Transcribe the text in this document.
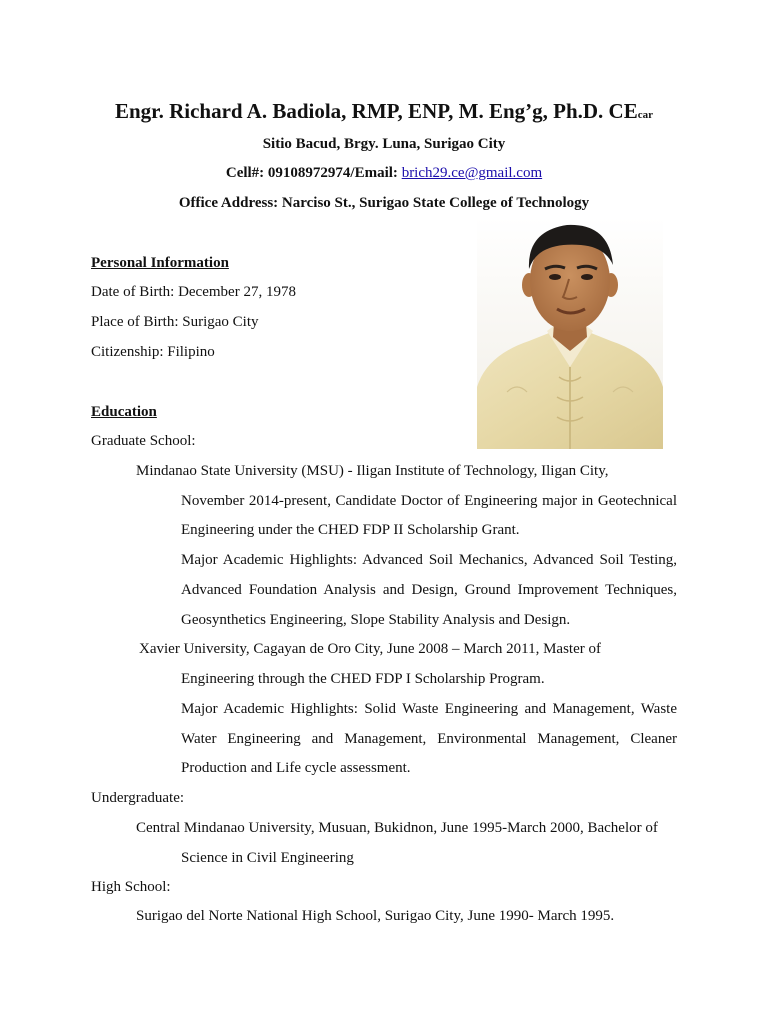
Engr. Richard A. Badiola, RMP, ENP, M. Eng’g, Ph.D. CEcar
Sitio Bacud, Brgy. Luna, Surigao City
Cell#: 09108972974/Email: brich29.ce@gmail.com
Office Address: Narciso St., Surigao State College of Technology
Personal Information
Date of Birth: December 27, 1978
Place of Birth: Surigao City
Citizenship: Filipino
Education
Graduate School:
Mindanao State University (MSU) - Iligan Institute of Technology, Iligan City,
November 2014-present, Candidate Doctor of Engineering major in Geotechnical
Engineering under the CHED FDP II Scholarship Grant.
Major Academic Highlights: Advanced Soil Mechanics, Advanced Soil Testing,
Advanced Foundation Analysis and Design, Ground Improvement Techniques,
Geosynthetics Engineering, Slope Stability Analysis and Design.
Xavier University, Cagayan de Oro City, June 2008 – March 2011, Master of
Engineering through the CHED FDP I Scholarship Program.
Major Academic Highlights: Solid Waste Engineering and Management, Waste
Water Engineering and Management, Environmental Management, Cleaner
Production and Life cycle assessment.
Undergraduate:
Central Mindanao University, Musuan, Bukidnon, June 1995-March 2000, Bachelor of
Science in Civil Engineering
High School:
Surigao del Norte National High School, Surigao City, June 1990- March 1995.
